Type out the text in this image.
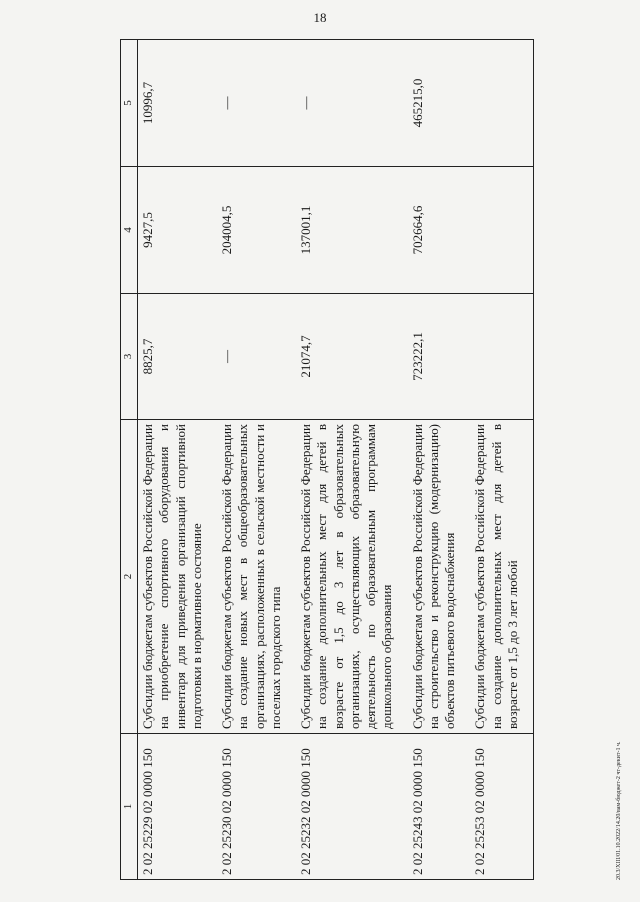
18
20.3/XIII/01.10.2022/14.20/вам-бюджет-2 чт-декит-1 ч.
1	2	3	4	5
2 02 25229 02 0000 150	Субсидии бюджетам субъектов Российской Федерации на приобретение спортивного оборудования и инвентаря для приведения организаций спортивной подготовки в нормативное состояние	8825,7	9427,5	10996,7
2 02 25230 02 0000 150	Субсидии бюджетам субъектов Российской Федерации на создание новых мест в общеобразовательных организациях, расположенных в сельской местности и поселках городского типа	—	204004,5	—
2 02 25232 02 0000 150	Субсидии бюджетам субъектов Российской Федерации на создание дополнительных мест для детей в возрасте от 1,5 до 3 лет в образовательных организациях, осуществляющих образовательную деятельность по образовательным программам дошкольного образования	21074,7	137001,1	—
2 02 25243 02 0000 150	Субсидии бюджетам субъектов Российской Федерации на строительство и реконструкцию (модернизацию) объектов питьевого водоснабжения	723222,1	702664,6	465215,0
2 02 25253 02 0000 150	Субсидии бюджетам субъектов Российской Федерации на создание дополнительных мест для детей в возрасте от 1,5 до 3 лет любой			
